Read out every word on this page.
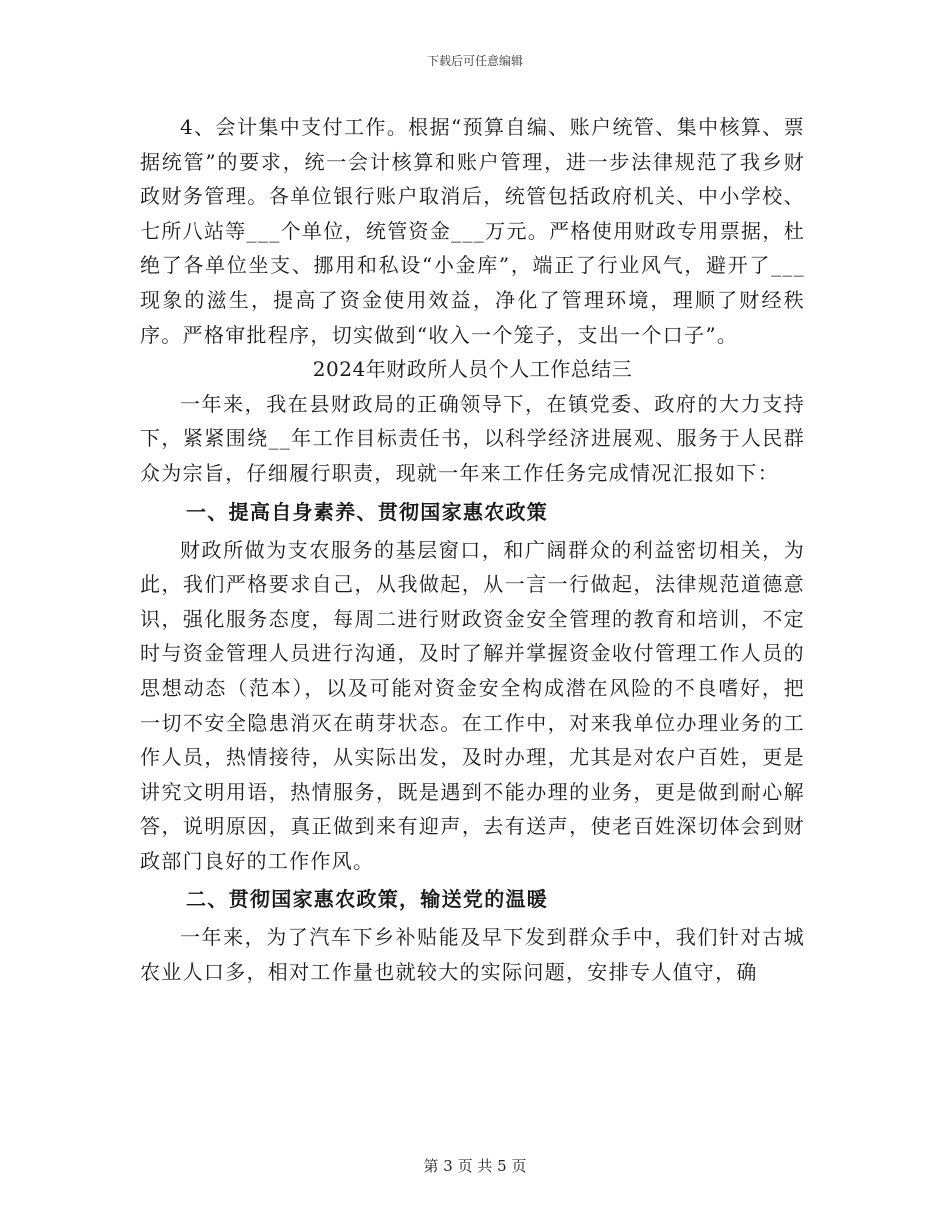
下载后可任意编辑

4、会计集中支付工作。根据“预算自编、账户统管、集中核算、票据统管”的要求，统一会计核算和账户管理，进一步法律规范了我乡财政财务管理。各单位银行账户取消后，统管包括政府机关、中小学校、七所八站等___个单位，统管资金___万元。严格使用财政专用票据，杜绝了各单位坐支、挪用和私设“小金库”，端正了行业风气，避开了___现象的滋生，提高了资金使用效益，净化了管理环境，理顺了财经秩序。严格审批程序，切实做到“收入一个笼子，支出一个口子”。

2024年财政所人员个人工作总结三

一年来，我在县财政局的正确领导下，在镇党委、政府的大力支持下，紧紧围绕__年工作目标责任书，以科学经济进展观、服务于人民群众为宗旨，仔细履行职责，现就一年来工作任务完成情况汇报如下：

一、提高自身素养、贯彻国家惠农政策

财政所做为支农服务的基层窗口，和广阔群众的利益密切相关，为此，我们严格要求自己，从我做起，从一言一行做起，法律规范道德意识，强化服务态度，每周二进行财政资金安全管理的教育和培训，不定时与资金管理人员进行沟通，及时了解并掌握资金收付管理工作人员的思想动态（范本），以及可能对资金安全构成潜在风险的不良嗜好，把一切不安全隐患消灭在萌芽状态。在工作中，对来我单位办理业务的工作人员，热情接待，从实际出发，及时办理，尤其是对农户百姓，更是讲究文明用语，热情服务，既是遇到不能办理的业务，更是做到耐心解答，说明原因，真正做到来有迎声，去有送声，使老百姓深切体会到财政部门良好的工作作风。

二、贯彻国家惠农政策，输送党的温暖

一年来，为了汽车下乡补贴能及早下发到群众手中，我们针对古城农业人口多，相对工作量也就较大的实际问题，安排专人值守，确

第 3 页 共 5 页
